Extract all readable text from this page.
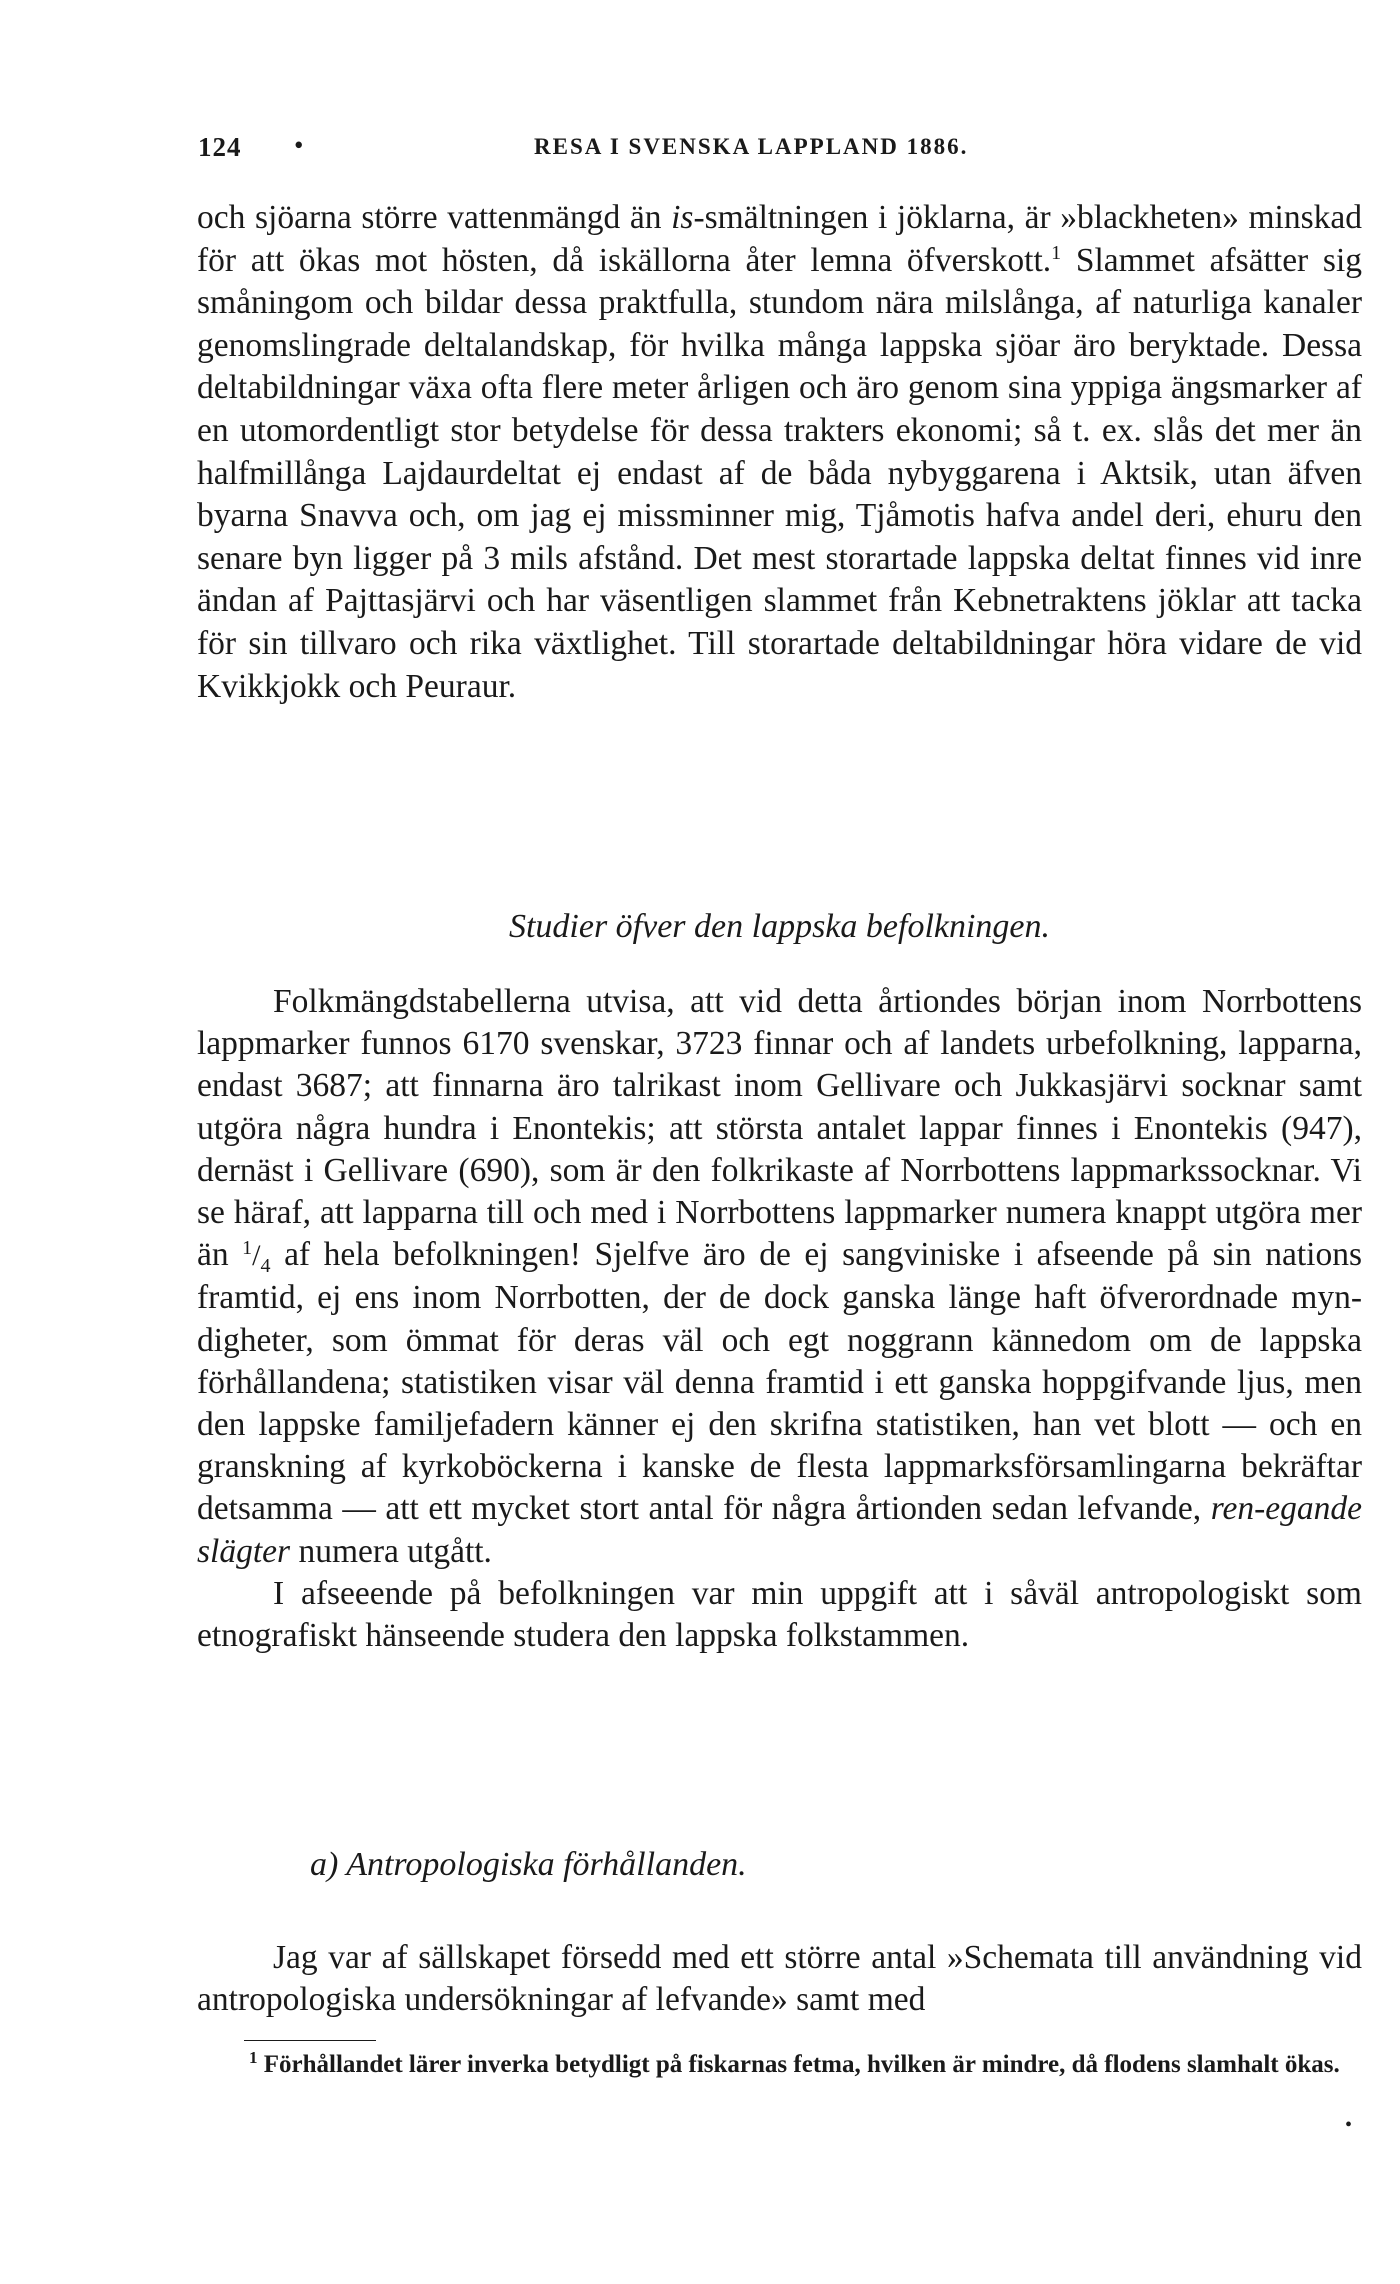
124 •	RESA I SVENSKA LAPPLAND 1886.

och sjöarna större vattenmängd än is-smältningen i jöklarna, är »blackheten» minskad för att ökas mot hösten, då iskällorna åter lemna öfverskott.$^1$ Slammet afsätter sig småningom och bildar dessa praktfulla, stundom nära milslånga, af naturliga kanaler genomslingrade deltalandskap, för hvilka många lappska sjöar äro beryktade. Dessa deltabildningar växa ofta flere meter årligen och äro genom sina yppiga ängsmarker af en utomordentligt stor betydelse för dessa trakters ekonomi; så t. ex. slås det mer än halfmillånga Lajdaurdeltat ej endast af de båda nybyggarena i Aktsik, utan äfven byarna Snavva och, om jag ej missminner mig, Tjåmotis hafva andel deri, ehuru den senare byn ligger på 3 mils afstånd. Det mest storartade lappska deltat finnes vid inre ändan af Pajttasjärvi och har väsentligen slammet från Kebnetraktens jöklar att tacka för sin tillvaro och rika växtlighet. Till storartade deltabildningar höra vidare de vid Kvikkjokk och Peuraur.

Studier öfver den lappska befolkningen.

Folkmängdstabellerna utvisa, att vid detta årtiondes början inom Norrbottens lappmarker funnos 6170 svenskar, 3723 finnar och af landets urbefolkning, lapparna, endast 3687; att finnarna äro talrikast inom Gellivare och Jukkasjärvi socknar samt utgöra några hundra i Enontekis; att största antalet lappar finnes i Enontekis (947), dernäst i Gellivare (690), som är den folkrikaste af Norrbottens lappmarkssocknar. Vi se häraf, att lapparna till och med i Norrbottens lappmarker numera knappt utgöra mer än $^1/_4$ af hela befolkningen! Sjelfve äro de ej sangviniske i afseende på sin nations framtid, ej ens inom Norrbotten, der de dock ganska länge haft öfverordnade myndigheter, som ömmat för deras väl och egt noggrann kännedom om de lappska förhållandena; statistiken visar väl denna framtid i ett ganska hoppgifvande ljus, men den lappske familjefadern känner ej den skrifna statistiken, han vet blott — och en granskning af kyrkoböckerna i kanske de flesta lappmarksförsamlingarna bekräftar detsamma — att ett mycket stort antal för några årtionden sedan lefvande, ren-egande slägter numera utgått.

I afseeende på befolkningen var min uppgift att i såväl antropologiskt som etnografiskt hänseende studera den lappska folkstammen.

a) Antropologiska förhållanden.

Jag var af sällskapet försedd med ett större antal »Schemata till användning vid antropologiska undersökningar af lefvande» samt med

$^1$ Förhållandet lärer inverka betydligt på fiskarnas fetma, hvilken är mindre, då flodens slamhalt ökas.

•
